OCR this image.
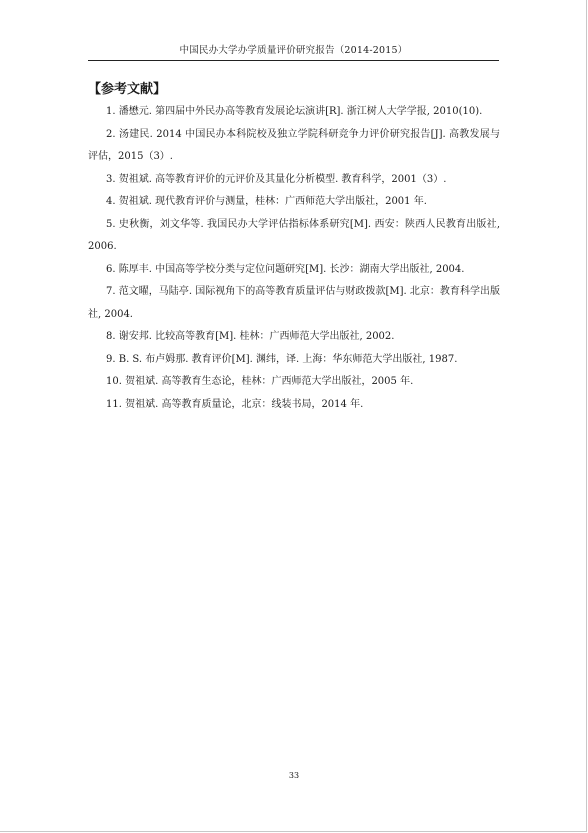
中国民办大学办学质量评价研究报告（2014-2015）
【参考文献】

1. 潘懋元. 第四届中外民办高等教育发展论坛演讲[R]. 浙江树人大学学报, 2010(10).

2. 汤建民. 2014 中国民办本科院校及独立学院科研竞争力评价研究报告[J]. 高教发展与评估，2015（3）.

3. 贺祖斌. 高等教育评价的元评价及其量化分析模型. 教育科学，2001（3）.

4. 贺祖斌. 现代教育评价与测量，桂林：广西师范大学出版社，2001 年.

5. 史秋衡，刘文华等. 我国民办大学评估指标体系研究[M]. 西安：陕西人民教育出版社, 2006.

6. 陈厚丰. 中国高等学校分类与定位问题研究[M]. 长沙：湖南大学出版社, 2004.

7. 范文曜，马陆亭. 国际视角下的高等教育质量评估与财政拨款[M]. 北京：教育科学出版社, 2004.

8. 谢安邦. 比较高等教育[M]. 桂林：广西师范大学出版社, 2002.

9. B. S. 布卢姆那. 教育评价[M]. 渊纬，译. 上海：华东师范大学出版社, 1987.

10. 贺祖斌. 高等教育生态论，桂林：广西师范大学出版社，2005 年.

11. 贺祖斌. 高等教育质量论，北京：线装书局，2014 年.

33
